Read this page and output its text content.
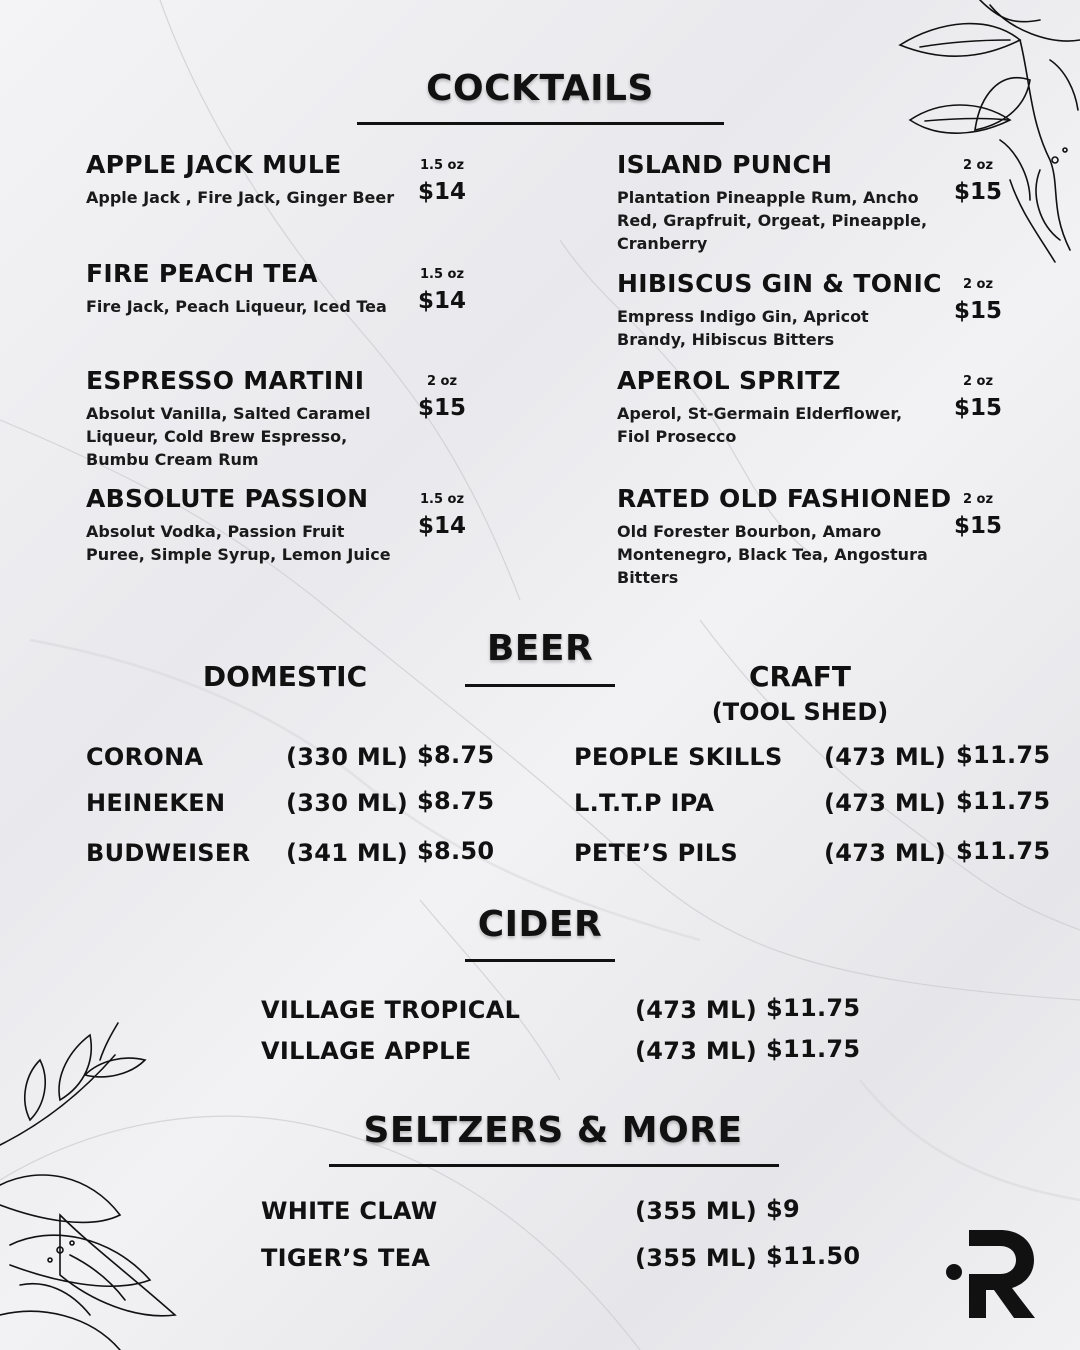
COCKTAILS
APPLE JACK MULE
Apple Jack , Fire Jack, Ginger Beer
1.5 oz
$14
FIRE PEACH TEA
Fire Jack, Peach Liqueur, Iced Tea
1.5 oz
$14
ESPRESSO MARTINI
Absolut Vanilla, Salted Caramel Liqueur, Cold Brew Espresso, Bumbu Cream Rum
2 oz
$15
ABSOLUTE PASSION
Absolut Vodka, Passion Fruit Puree, Simple Syrup, Lemon Juice
1.5 oz
$14
ISLAND PUNCH
Plantation Pineapple Rum, Ancho Red, Grapfruit, Orgeat, Pineapple, Cranberry
2 oz
$15
HIBISCUS GIN & TONIC
Empress Indigo Gin, Apricot Brandy, Hibiscus Bitters
2 oz
$15
APEROL SPRITZ
Aperol, St-Germain Elderflower, Fiol Prosecco
2 oz
$15
RATED OLD FASHIONED
Old Forester Bourbon, Amaro Montenegro, Black Tea, Angostura Bitters
2 oz
$15
BEER
DOMESTIC	CRAFT
(TOOL SHED)
CORONA	(330 ML) $8.75
HEINEKEN	(330 ML) $8.75
BUDWEISER (341 ML) $8.50
PEOPLE SKILLS (473 ML) $11.75
L.T.T.P IPA	(473 ML) $11.75
PETE’S PILS	(473 ML) $11.75
CIDER
VILLAGE TROPICAL	(473 ML) $11.75
VILLAGE APPLE	(473 ML) $11.75
SELTZERS & MORE
WHITE CLAW	(355 ML) $9
TIGER’S TEA	(355 ML) $11.50
